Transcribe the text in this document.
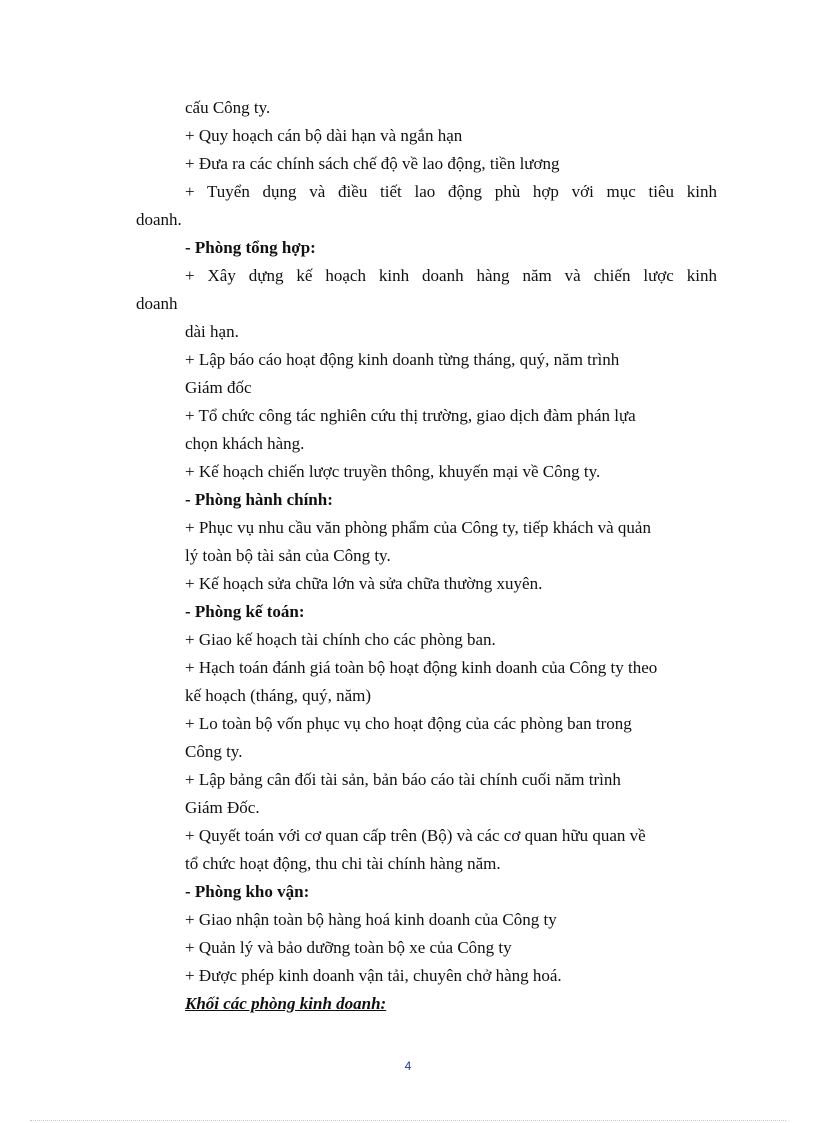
cấu Công ty.
+ Quy hoạch cán bộ dài hạn và ngắn hạn
+ Đưa ra các chính sách chế độ về lao động, tiền lương
+ Tuyển dụng và điều tiết lao động phù hợp với mục tiêu kinh
doanh.
- Phòng tổng hợp:
+ Xây dựng kế hoạch kinh doanh hàng năm và chiến lược kinh
doanh
dài hạn.
+ Lập báo cáo hoạt động kinh doanh từng tháng, quý, năm trình
Giám đốc
+ Tổ chức công tác nghiên cứu thị trường, giao dịch đàm phán lựa
chọn khách hàng.
+ Kế hoạch chiến lược truyền thông, khuyến mại về Công ty.
- Phòng hành chính:
+ Phục vụ nhu cầu văn phòng phẩm của Công ty, tiếp khách và quản
lý toàn bộ tài sản của Công ty.
+ Kế hoạch sửa chữa lớn và sửa chữa thường xuyên.
- Phòng kế toán:
+ Giao kế hoạch tài chính cho các phòng ban.
+ Hạch toán đánh giá toàn bộ hoạt động kinh doanh của Công ty theo
kế hoạch (tháng, quý, năm)
+ Lo toàn bộ vốn phục vụ cho hoạt động của các phòng ban trong
Công ty.
+ Lập bảng cân đối tài sản, bản báo cáo tài chính cuối năm trình
Giám Đốc.
+ Quyết toán với cơ quan cấp trên (Bộ) và các cơ quan hữu quan về
tổ chức hoạt động, thu chi tài chính hàng năm.
- Phòng kho vận:
+ Giao nhận toàn bộ hàng hoá kinh doanh của Công ty
+ Quản lý và bảo dưỡng toàn bộ xe của Công ty
+ Được phép kinh doanh vận tải, chuyên chở hàng hoá.
Khối các phòng kinh doanh:
4
